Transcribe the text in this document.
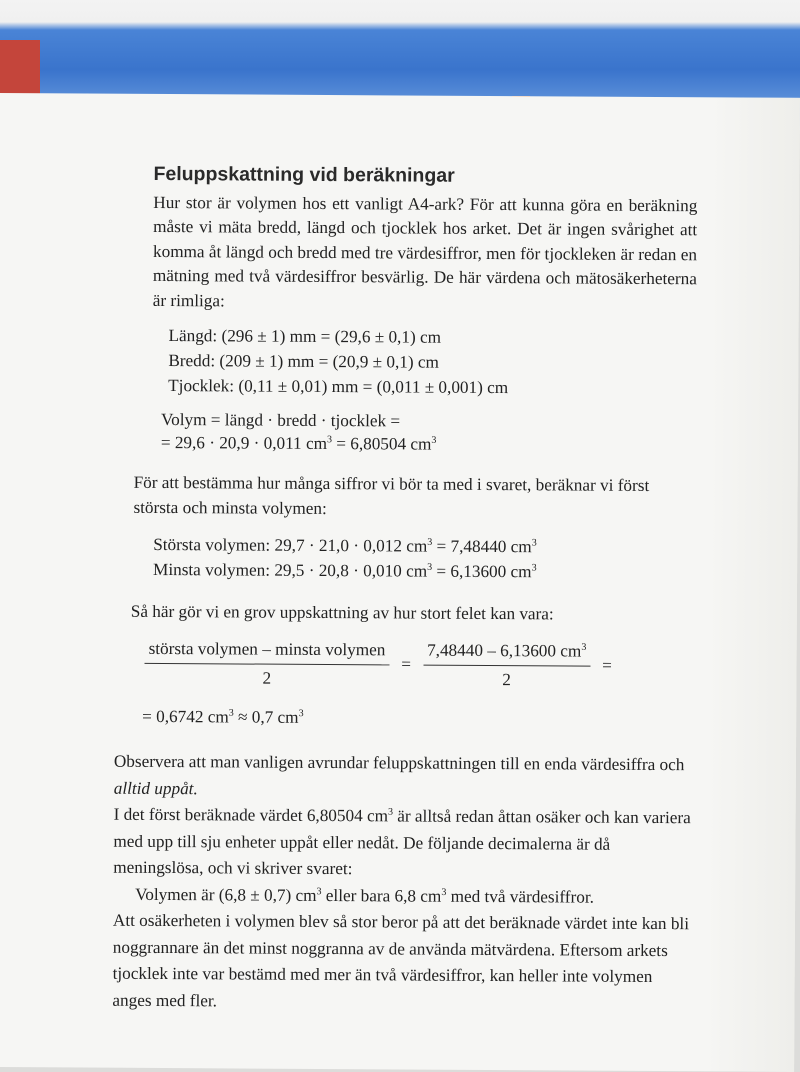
Feluppskattning vid beräkningar

Hur stor är volymen hos ett vanligt A4-ark? För att kunna göra en beräkning måste vi mäta bredd, längd och tjocklek hos arket. Det är ingen svårighet att komma åt längd och bredd med tre värdesiffror, men för tjockleken är redan en mätning med två värdesiffror besvärlig. De här värdena och mätosäkerheterna är rimliga:

Längd: (296 ± 1) mm = (29,6 ± 0,1) cm
Bredd: (209 ± 1) mm = (20,9 ± 0,1) cm
Tjocklek: (0,11 ± 0,01) mm = (0,011 ± 0,001) cm
Volym = längd · bredd · tjocklek =
= 29,6 · 20,9 · 0,011 $cm^3 = 6,80504$ $cm^3$

För att bestämma hur många siffror vi bör ta med i svaret, beräknar vi först största och minsta volymen:

Största volymen: 29,7 · 21,0 · 0,012 $cm^3 = 7,48440$ $cm^3$
Minsta volymen: 29,5 · 20,8 · 0,010 $cm^3 = 6,13600$ $cm^3$

Så här gör vi en grov uppskattning av hur stort felet kan vara:

$\frac{\text{största volymen – minsta volymen}}{2} = \frac{7,48440 - 6,13600 cm^3}{2}$ =
= 0,6742 $cm^3 \approx 0,7$ $cm^3$
Observera att man vanligen avrundar feluppskattningen till en enda värdesiffra och alltid uppåt.
I det först beräknade värdet 6,80504 $cm^3$ är alltså redan åttan osäker och kan variera med upp till sju enheter uppåt eller nedåt. De följande decimalerna är då meningslösa, och vi skriver svaret:
Volymen är (6,8 ± 0,7) $cm^3$ eller bara 6,8 $cm^3$ med två värdesiffror.
Att osäkerheten i volymen blev så stor beror på att det beräknade värdet inte kan bli noggrannare än det minst noggranna av de använda mätvärdena. Eftersom arkets tjocklek inte var bestämd med mer än två värdesiffror, kan heller inte volymen anges med fler.
